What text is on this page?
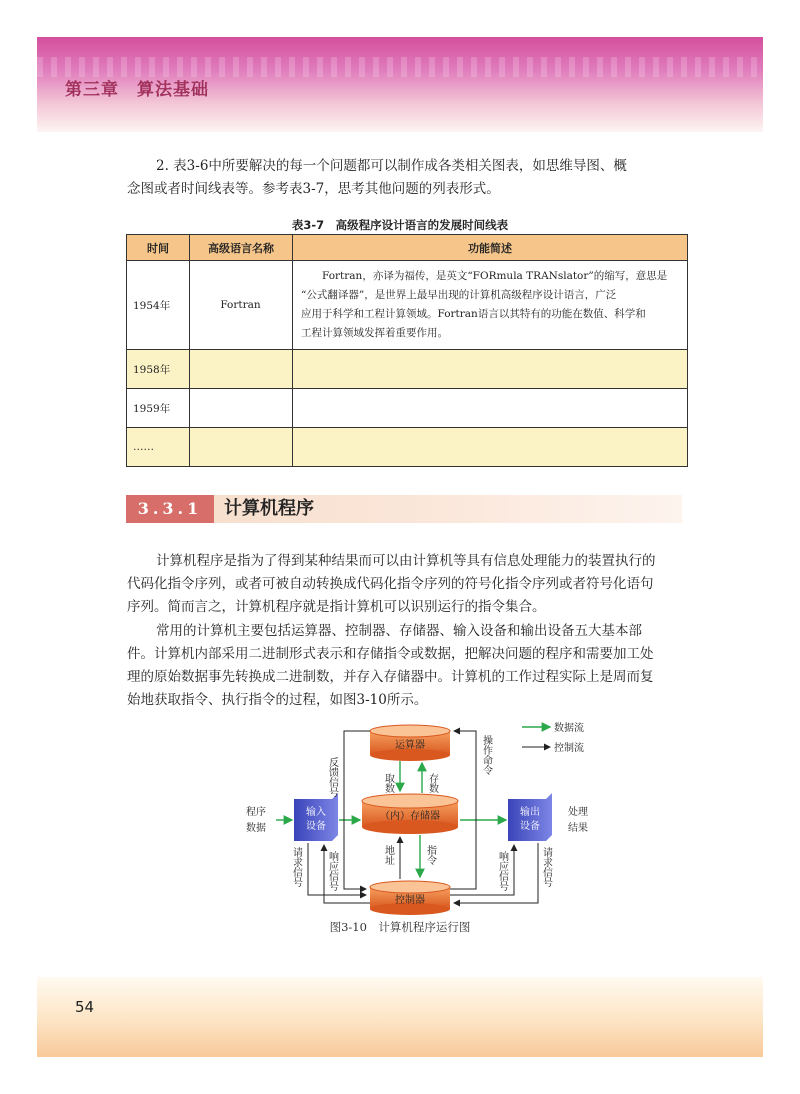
第三章　算法基础

2. 表3-6中所要解决的每一个问题都可以制作成各类相关图表，如思维导图、概

念图或者时间线表等。参考表3-7，思考其他问题的列表形式。

表3-7　高级程序设计语言的发展时间线表
时间	高级语言名称	功能简述
1954年	Fortran	Fortran，亦译为福传，是英文“FORmula TRANslator”的缩写，意思是
“公式翻译器”，是世界上最早出现的计算机高级程序设计语言，广泛
应用于科学和工程计算领域。Fortran语言以其特有的功能在数值、科学和
工程计算领域发挥着重要作用。

1958年		
1959年		
……		
3.3.1	计算机程序

计算机程序是指为了得到某种结果而可以由计算机等具有信息处理能力的装置执行的

代码化指令序列，或者可被自动转换成代码化指令序列的符号化指令序列或者符号化语句

序列。简而言之，计算机程序就是指计算机可以识别运行的指令集合。

常用的计算机主要包括运算器、控制器、存储器、输入设备和输出设备五大基本部

件。计算机内部采用二进制形式表示和存储指令或数据，把解决问题的程序和需要加工处

理的原始数据事先转换成二进制数，并存入存储器中。计算机的工作过程实际上是周而复

始地获取指令、执行指令的过程，如图3-10所示。

运算器
（内）存储器
控制器
输入
设备
输出
设备
程序
数据
处理
结果
反馈信号
操作命令
取数	存数
地址	指令
请求信号	响应信号	响应信号	请求信号
数据流
控制流
图3-10　计算机程序运行图
54
